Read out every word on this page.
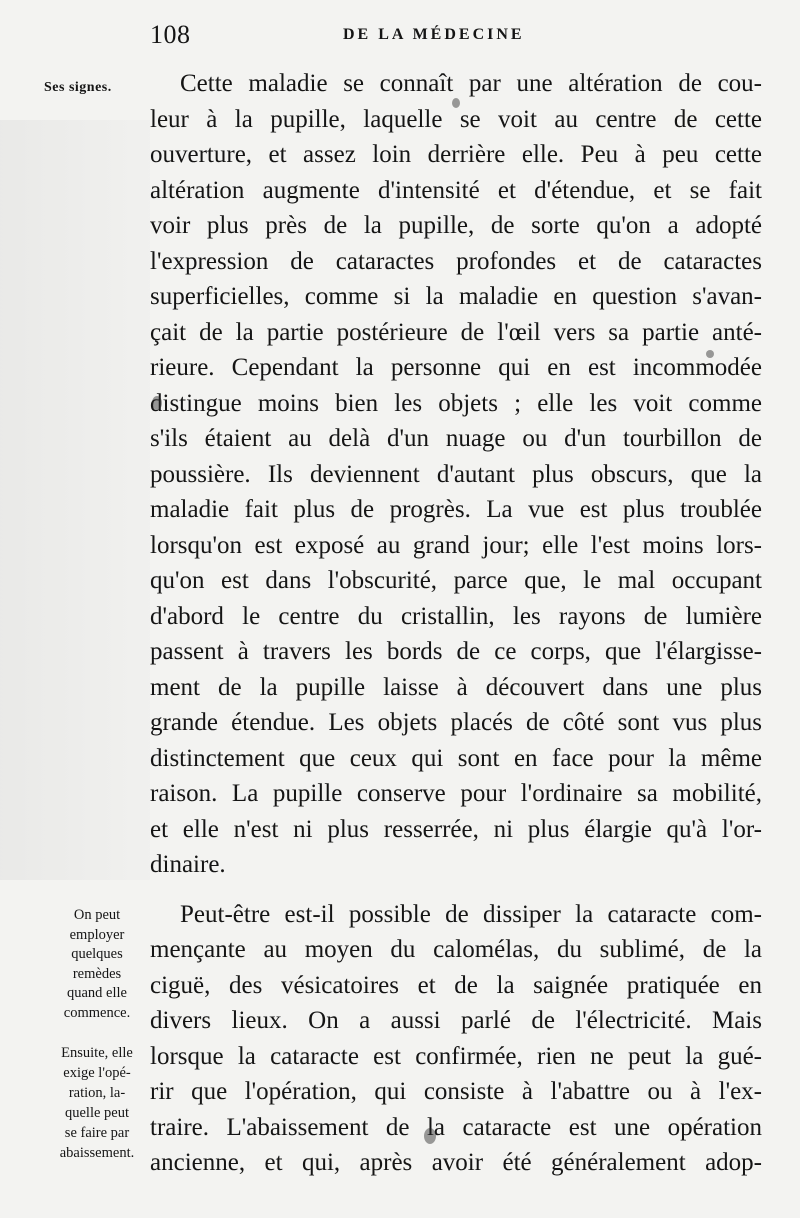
108	DE LA MÉDECINE
Ses signes.
On peut
employer
quelques
remèdes
quand elle
commence.
Ensuite, elle
exige l'opé-
ration, la-
quelle peut
se faire par
abaissement.
Cette maladie se connaît par une altération de cou-
leur à la pupille, laquelle se voit au centre de cette
ouverture, et assez loin derrière elle. Peu à peu cette
altération augmente d'intensité et d'étendue, et se fait
voir plus près de la pupille, de sorte qu'on a adopté
l'expression de cataractes profondes et de cataractes
superficielles, comme si la maladie en question s'avan-
çait de la partie postérieure de l'œil vers sa partie anté-
rieure. Cependant la personne qui en est incommodée
distingue moins bien les objets ; elle les voit comme
s'ils étaient au delà d'un nuage ou d'un tourbillon de
poussière. Ils deviennent d'autant plus obscurs, que la
maladie fait plus de progrès. La vue est plus troublée
lorsqu'on est exposé au grand jour; elle l'est moins lors-
qu'on est dans l'obscurité, parce que, le mal occupant
d'abord le centre du cristallin, les rayons de lumière
passent à travers les bords de ce corps, que l'élargisse-
ment de la pupille laisse à découvert dans une plus
grande étendue. Les objets placés de côté sont vus plus
distinctement que ceux qui sont en face pour la même
raison. La pupille conserve pour l'ordinaire sa mobilité,
et elle n'est ni plus resserrée, ni plus élargie qu'à l'or-
dinaire.
Peut-être est-il possible de dissiper la cataracte com-
mençante au moyen du calomélas, du sublimé, de la
ciguë, des vésicatoires et de la saignée pratiquée en
divers lieux. On a aussi parlé de l'électricité. Mais
lorsque la cataracte est confirmée, rien ne peut la gué-
rir que l'opération, qui consiste à l'abattre ou à l'ex-
traire. L'abaissement de la cataracte est une opération
ancienne, et qui, après avoir été généralement adop-
